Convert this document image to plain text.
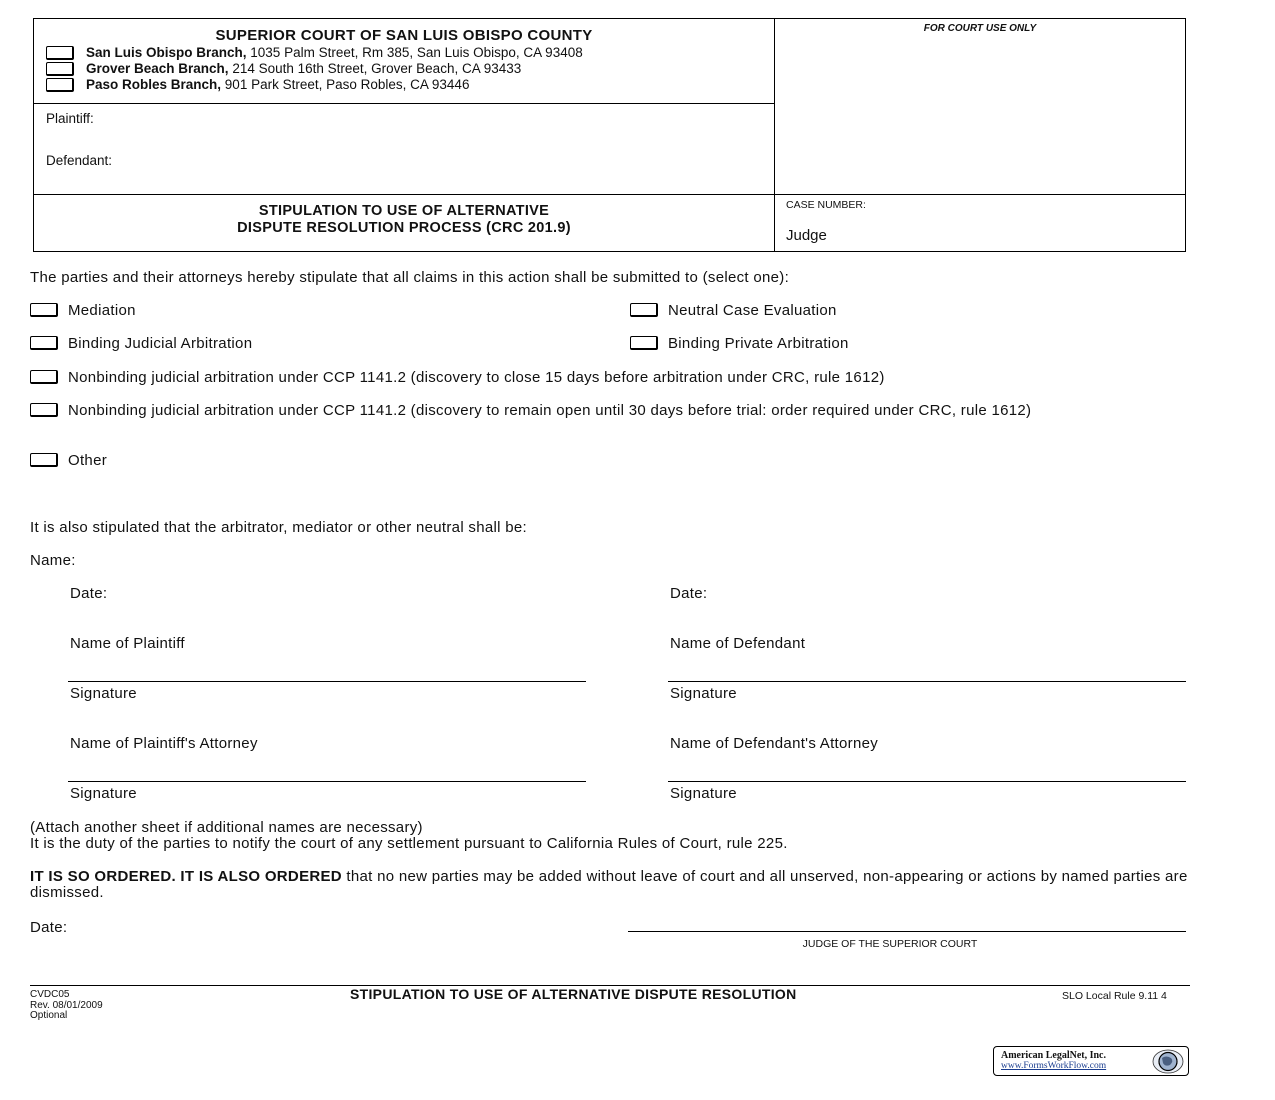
SUPERIOR COURT OF SAN LUIS OBISPO COUNTY
San Luis Obispo Branch, 1035 Palm Street, Rm 385, San Luis Obispo, CA 93408
Grover Beach Branch, 214 South 16th Street, Grover Beach, CA 93433
Paso Robles Branch, 901 Park Street, Paso Robles, CA 93446
FOR COURT USE ONLY
Plaintiff:
Defendant:
STIPULATION TO USE OF ALTERNATIVE
DISPUTE RESOLUTION PROCESS (CRC 201.9)
CASE NUMBER:
Judge
The parties and their attorneys hereby stipulate that all claims in this action shall be submitted to (select one):
Mediation	Neutral Case Evaluation
Binding Judicial Arbitration	Binding Private Arbitration
Nonbinding judicial arbitration under CCP 1141.2 (discovery to close 15 days before arbitration under CRC, rule 1612)
Nonbinding judicial arbitration under CCP 1141.2 (discovery to remain open until 30 days before trial: order required under CRC, rule 1612)
Other
It is also stipulated that the arbitrator, mediator or other neutral shall be:
Name:
Date:	Date:
Name of Plaintiff	Name of Defendant
Signature	Signature
Name of Plaintiff's Attorney	Name of Defendant's Attorney
Signature	Signature
(Attach another sheet if additional names are necessary)
It is the duty of the parties to notify the court of any settlement pursuant to California Rules of Court, rule 225.
IT IS SO ORDERED. IT IS ALSO ORDERED that no new parties may be added without leave of court and all unserved, non-appearing or actions by named parties are dismissed.
Date:
JUDGE OF THE SUPERIOR COURT
CVDC05
Rev. 08/01/2009
Optional
STIPULATION TO USE OF ALTERNATIVE DISPUTE RESOLUTION	SLO Local Rule 9.11 4
American LegalNet, Inc.
www.FormsWorkFlow.com
